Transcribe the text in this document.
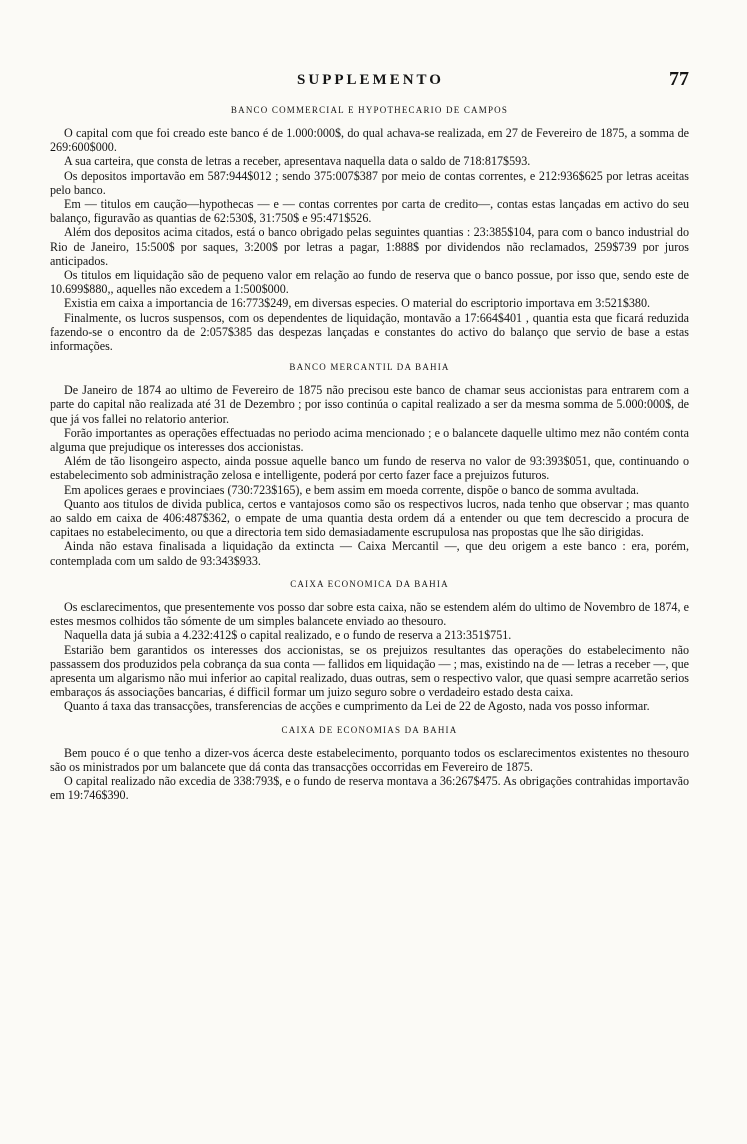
SUPPLEMENTO	77
BANCO COMMERCIAL E HYPOTHECARIO DE CAMPOS

O capital com que foi creado este banco é de 1.000:000$, do qual achava-se realizada, em 27 de Fevereiro de 1875, a somma de 269:600$000.

A sua carteira, que consta de letras a receber, apresentava naquella data o saldo de 718:817$593.

Os depositos importavão em 587:944$012 ; sendo 375:007$387 por meio de contas correntes, e 212:936$625 por letras aceitas pelo banco.

Em — titulos em caução—hypothecas — e — contas correntes por carta de credito—, contas estas lançadas em activo do seu balanço, figuravão as quantias de 62:530$, 31:750$ e 95:471$526.

Além dos depositos acima citados, está o banco obrigado pelas seguintes quantias : 23:385$104, para com o banco industrial do Rio de Janeiro, 15:500$ por saques, 3:200$ por letras a pagar, 1:888$ por dividendos não reclamados, 259$739 por juros anticipados.

Os titulos em liquidação são de pequeno valor em relação ao fundo de reserva que o banco possue, por isso que, sendo este de 10.699$880,, aquelles não excedem a 1:500$000.

Existia em caixa a importancia de 16:773$249, em diversas especies. O material do escriptorio importava em 3:521$380.

Finalmente, os lucros suspensos, com os dependentes de liquidação, montavão a 17:664$401 , quantia esta que ficará reduzida fazendo-se o encontro da de 2:057$385 das despezas lançadas e constantes do activo do balanço que servio de base a estas informações.

BANCO MERCANTIL DA BAHIA

De Janeiro de 1874 ao ultimo de Fevereiro de 1875 não precisou este banco de chamar seus accionistas para entrarem com a parte do capital não realizada até 31 de Dezembro ; por isso continúa o capital realizado a ser da mesma somma de 5.000:000$, de que já vos fallei no relatorio anterior.

Forão importantes as operações effectuadas no periodo acima mencionado ; e o balancete daquelle ultimo mez não contém conta alguma que prejudique os interesses dos accionistas.

Além de tão lisongeiro aspecto, ainda possue aquelle banco um fundo de reserva no valor de 93:393$051, que, continuando o estabelecimento sob administração zelosa e intelligente, poderá por certo fazer face a prejuizos futuros.

Em apolices geraes e provinciaes (730:723$165), e bem assim em moeda corrente, dispõe o banco de somma avultada.

Quanto aos titulos de divida publica, certos e vantajosos como são os respectivos lucros, nada tenho que observar ; mas quanto ao saldo em caixa de 406:487$362, o empate de uma quantia desta ordem dá a entender ou que tem decrescido a procura de capitaes no estabelecimento, ou que a directoria tem sido demasiadamente escrupulosa nas propostas que lhe são dirigidas.

Ainda não estava finalisada a liquidação da extincta — Caixa Mercantil —, que deu origem a este banco : era, porém, contemplada com um saldo de 93:343$933.

CAIXA ECONOMICA DA BAHIA

Os esclarecimentos, que presentemente vos posso dar sobre esta caixa, não se estendem além do ultimo de Novembro de 1874, e estes mesmos colhidos tão sómente de um simples balancete enviado ao thesouro.

Naquella data já subia a 4.232:412$ o capital realizado, e o fundo de reserva a 213:351$751.

Estarião bem garantidos os interesses dos accionistas, se os prejuizos resultantes das operações do estabelecimento não passassem dos produzidos pela cobrança da sua conta — fallidos em liquidação — ; mas, existindo na de — letras a receber —, que apresenta um algarismo não mui inferior ao capital realizado, duas outras, sem o respectivo valor, que quasi sempre acarretão serios embaraços ás associações bancarias, é difficil formar um juizo seguro sobre o verdadeiro estado desta caixa.

Quanto á taxa das transacções, transferencias de acções e cumprimento da Lei de 22 de Agosto, nada vos posso informar.

CAIXA DE ECONOMIAS DA BAHIA

Bem pouco é o que tenho a dizer-vos ácerca deste estabelecimento, porquanto todos os esclarecimentos existentes no thesouro são os ministrados por um balancete que dá conta das transacções occorridas em Fevereiro de 1875.

O capital realizado não excedia de 338:793$, e o fundo de reserva montava a 36:267$475. As obrigações contrahidas importavão em 19:746$390.
